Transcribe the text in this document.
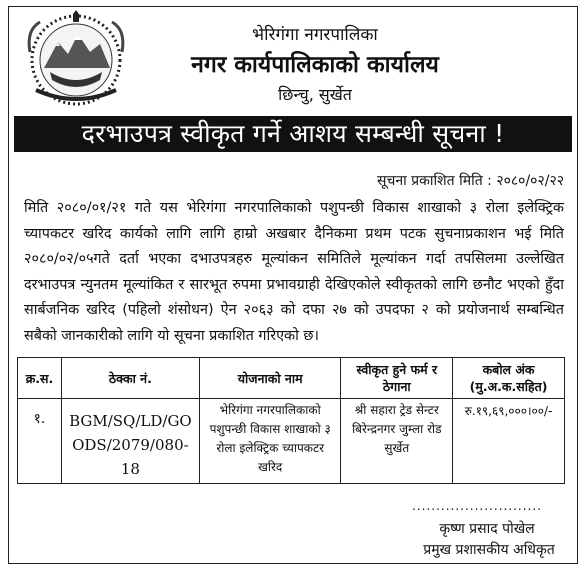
भेरिगंगा नगरपालिका
नगर कार्यपालिकाको कार्यालय
छिन्चु, सुर्खेत
दरभाउपत्र स्वीकृत गर्ने आशय सम्बन्धी सूचना !
सूचना प्रकाशित मिति : २०८०/०२/२२
मिति २०८०/०१/२१ गते यस भेरिगंगा नगरपालिकाको पशुपन्छी विकास शाखाको ३ रोला इलेक्ट्रिक च्यापकटर खरिद कार्यको लागि लागि हाम्रो अखबार दैनिकमा प्रथम पटक सुचनाप्रकाशन भई मिति २०८०/०२/०५गते दर्ता भएका दभाउपत्रहरु मूल्यांकन समितिले मूल्यांकन गर्दा तपसिलमा उल्लेखित दरभाउपत्र न्युनतम मूल्यांकित र सारभूत रुपमा प्रभावग्राही देखिएकोले स्वीकृतको लागि छनौट भएको हुँदा सार्बजनिक खरिद (पहिलो शंसोधन) ऐन २०६३ को दफा २७ को उपदफा २ को प्रयोजनार्थ सम्बन्धित सबैको जानकारीको लागि यो सूचना प्रकाशित गरिएको छ।
क्र.स.	ठेक्का नं.	योजनाको नाम	स्वीकृत हुने फर्म र ठेगाना	कबोल अंक (मु.अ.क.सहित)
१.	BGM/SQ/LD/GO ODS/2079/080-18	भेरिगंगा नगरपालिकाको पशुपन्छी विकास शाखाको ३ रोला इलेक्ट्रिक च्यापकटर खरिद	श्री सहारा ट्रेड सेन्टर बिरेन्द्रनगर जुम्ला रोड सुर्खेत	रु.१९,६९,०००।००/-
...........................
कृष्ण प्रसाद पोखेल
प्रमुख प्रशासकीय अधिकृत
